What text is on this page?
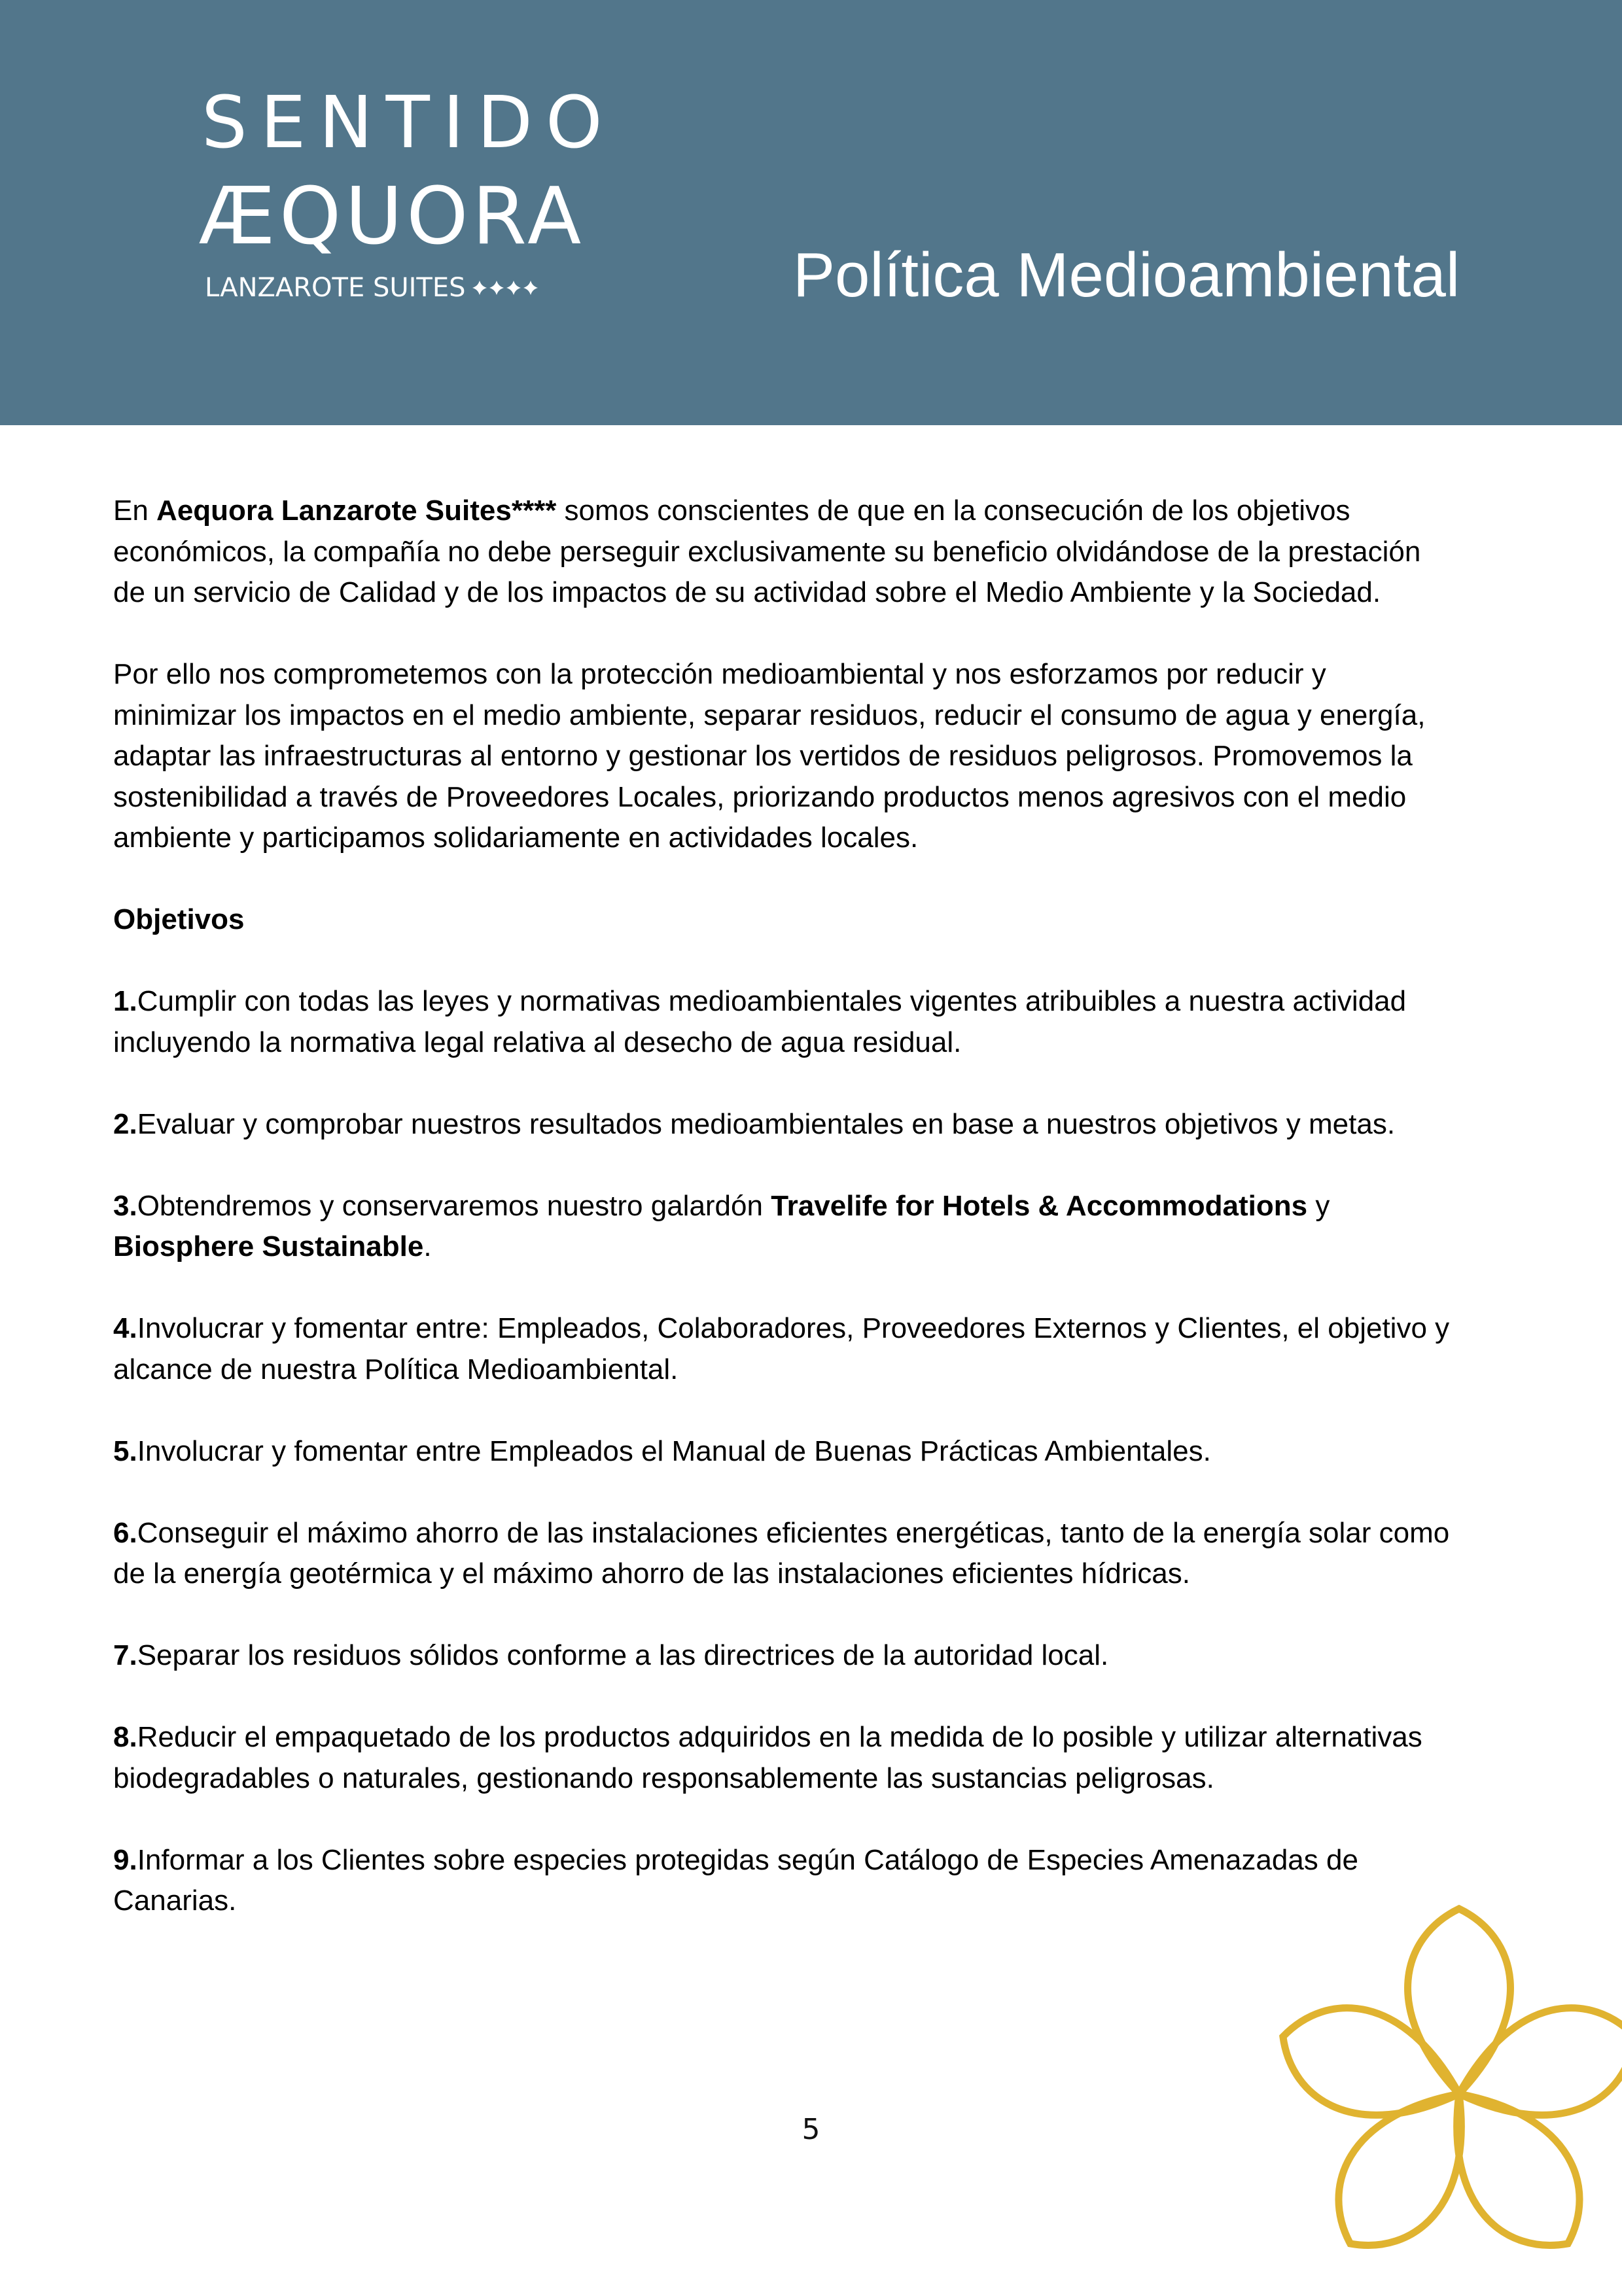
SENTIDO
ÆQUORA
LANZAROTE SUITES	Política Medioambiental
En Aequora Lanzarote Suites**** somos conscientes de que en la consecución de los objetivos
económicos, la compañía no debe perseguir exclusivamente su beneficio olvidándose de la prestación
de un servicio de Calidad y de los impactos de su actividad sobre el Medio Ambiente y la Sociedad.
Por ello nos comprometemos con la protección medioambiental y nos esforzamos por reducir y
minimizar los impactos en el medio ambiente, separar residuos, reducir el consumo de agua y energía,
adaptar las infraestructuras al entorno y gestionar los vertidos de residuos peligrosos. Promovemos la
sostenibilidad a través de Proveedores Locales, priorizando productos menos agresivos con el medio
ambiente y participamos solidariamente en actividades locales.
Objetivos
1.Cumplir con todas las leyes y normativas medioambientales vigentes atribuibles a nuestra actividad
incluyendo la normativa legal relativa al desecho de agua residual.
2.Evaluar y comprobar nuestros resultados medioambientales en base a nuestros objetivos y metas.
3.Obtendremos y conservaremos nuestro galardón Travelife for Hotels & Accommodations y
Biosphere Sustainable.
4.Involucrar y fomentar entre: Empleados, Colaboradores, Proveedores Externos y Clientes, el objetivo y
alcance de nuestra Política Medioambiental.
5.Involucrar y fomentar entre Empleados el Manual de Buenas Prácticas Ambientales.
6.Conseguir el máximo ahorro de las instalaciones eficientes energéticas, tanto de la energía solar como
de la energía geotérmica y el máximo ahorro de las instalaciones eficientes hídricas.
7.Separar los residuos sólidos conforme a las directrices de la autoridad local.
8.Reducir el empaquetado de los productos adquiridos en la medida de lo posible y utilizar alternativas
biodegradables o naturales, gestionando responsablemente las sustancias peligrosas.
9.Informar a los Clientes sobre especies protegidas según Catálogo de Especies Amenazadas de
Canarias.
5
